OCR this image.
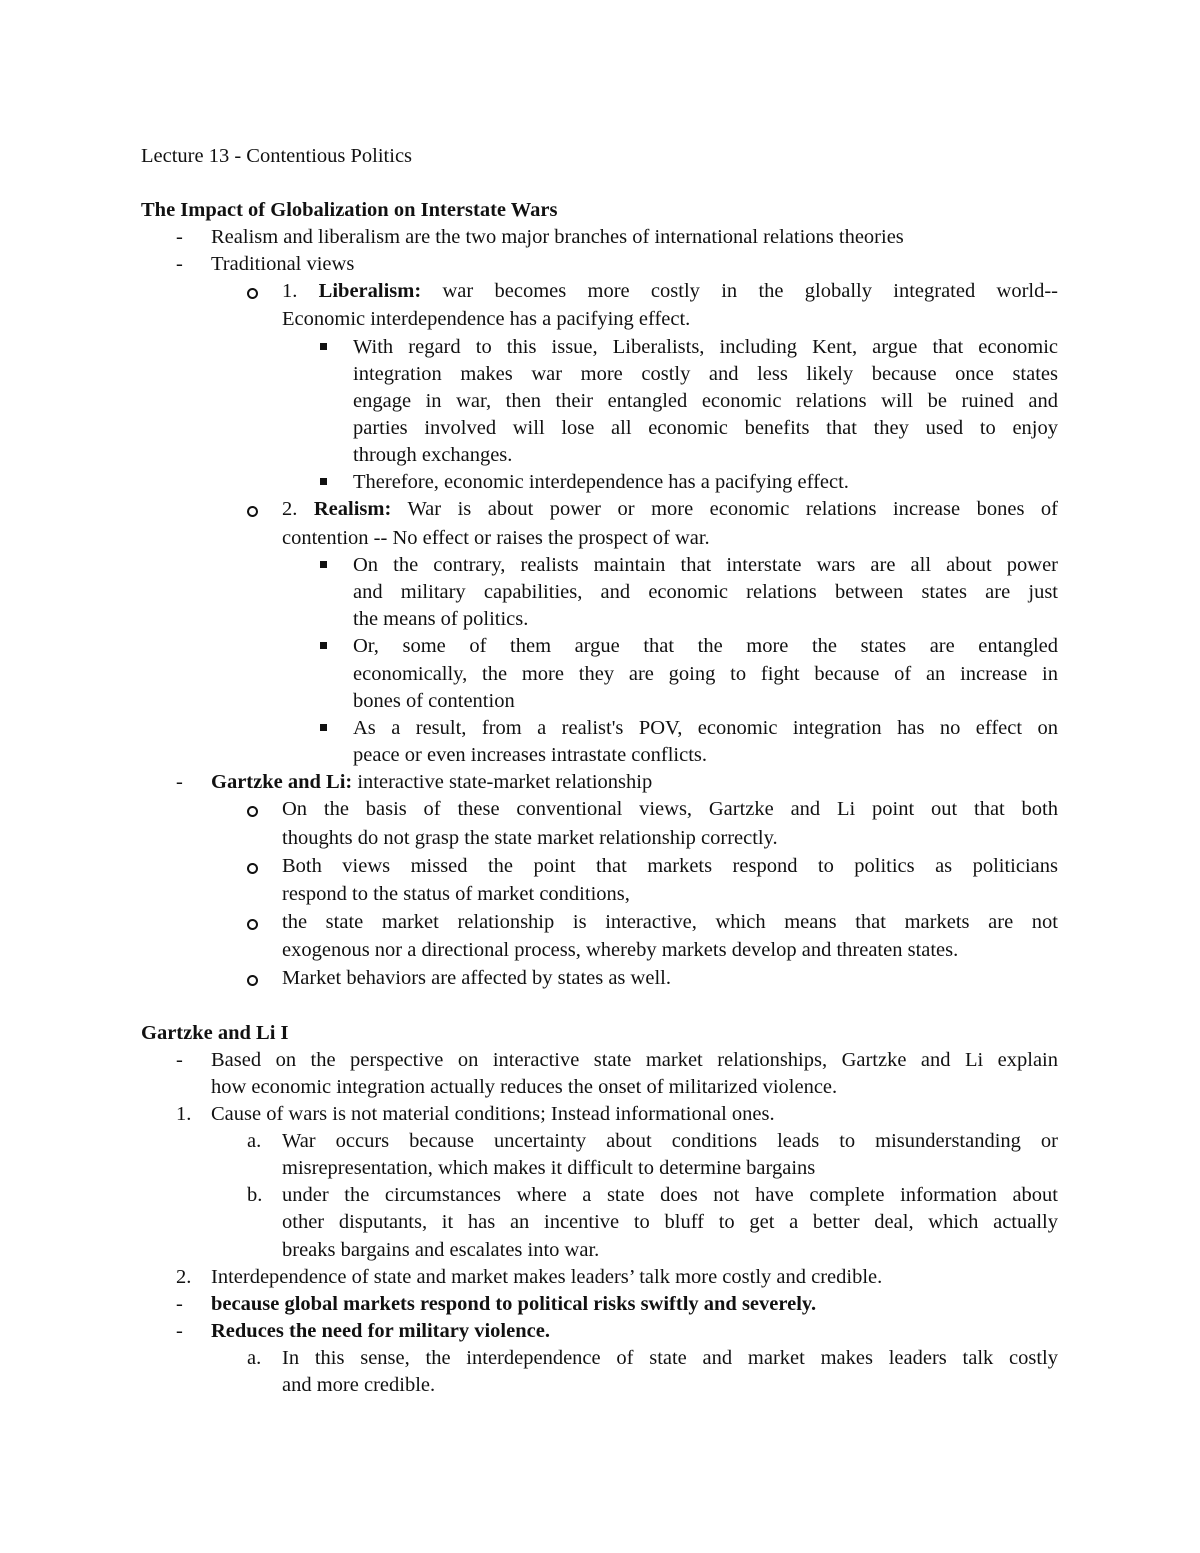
Lecture 13 - Contentious Politics
The Impact of Globalization on Interstate Wars
- Realism and liberalism are the two major branches of international relations theories
- Traditional views
1. Liberalism: war becomes more costly in the globally integrated world--
Economic interdependence has a pacifying effect.
With regard to this issue, Liberalists, including Kent, argue that economic
integration makes war more costly and less likely because once states
engage in war, then their entangled economic relations will be ruined and
parties involved will lose all economic benefits that they used to enjoy
through exchanges.
Therefore, economic interdependence has a pacifying effect.
2. Realism: War is about power or more economic relations increase bones of
contention -- No effect or raises the prospect of war.
On the contrary, realists maintain that interstate wars are all about power
and military capabilities, and economic relations between states are just
the means of politics.
Or, some of them argue that the more the states are entangled
economically, the more they are going to fight because of an increase in
bones of contention
As a result, from a realist's POV, economic integration has no effect on
peace or even increases intrastate conflicts.
- Gartzke and Li: interactive state-market relationship
On the basis of these conventional views, Gartzke and Li point out that both
thoughts do not grasp the state market relationship correctly.
Both views missed the point that markets respond to politics as politicians
respond to the status of market conditions,
the state market relationship is interactive, which means that markets are not
exogenous nor a directional process, whereby markets develop and threaten states.
Market behaviors are affected by states as well.
Gartzke and Li I
- Based on the perspective on interactive state market relationships, Gartzke and Li explain
how economic integration actually reduces the onset of militarized violence.
1. Cause of wars is not material conditions; Instead informational ones.
a. War occurs because uncertainty about conditions leads to misunderstanding or
misrepresentation, which makes it difficult to determine bargains
b. under the circumstances where a state does not have complete information about
other disputants, it has an incentive to bluff to get a better deal, which actually
breaks bargains and escalates into war.
2. Interdependence of state and market makes leaders’ talk more costly and credible.
- because global markets respond to political risks swiftly and severely.
- Reduces the need for military violence.
a. In this sense, the interdependence of state and market makes leaders talk costly
and more credible.
